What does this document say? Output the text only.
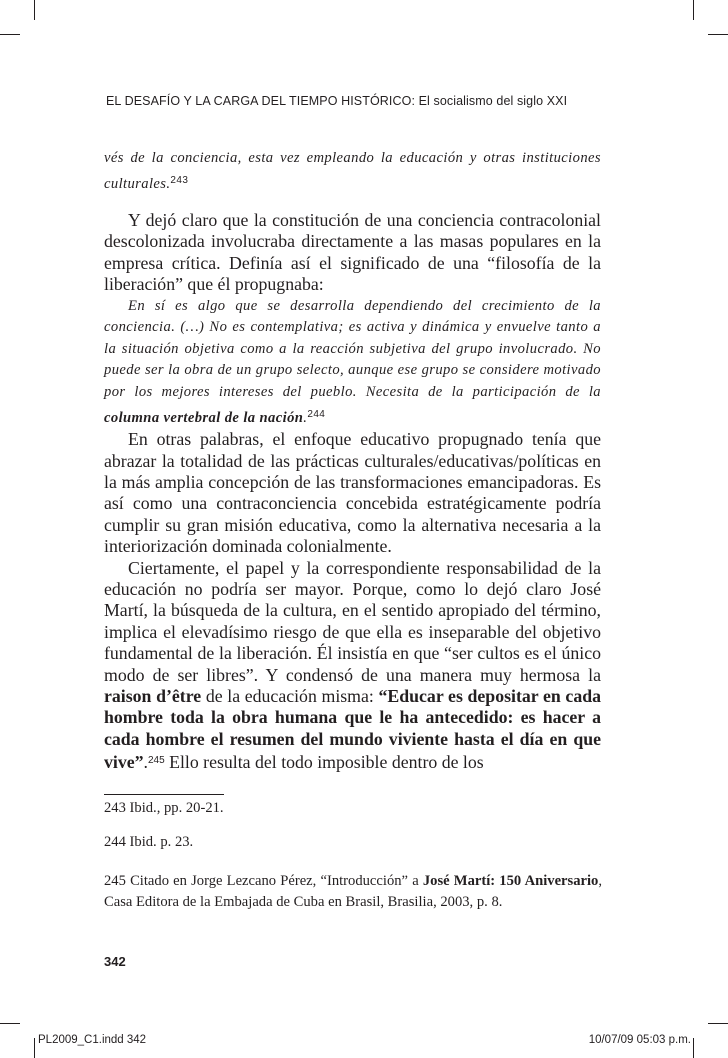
EL DESAFÍO Y LA CARGA DEL TIEMPO HISTÓRICO: El socialismo del siglo XXI

vés de la conciencia, esta vez empleando la educación y otras instituciones culturales.$^{243}$

Y dejó claro que la constitución de una conciencia contracolonial descolonizada involucraba directamente a las masas populares en la empresa crítica. Definía así el significado de una “filosofía de la liberación” que él propugnaba:

En sí es algo que se desarrolla dependiendo del crecimiento de la conciencia. (…) No es contemplativa; es activa y dinámica y envuelve tanto a la situación objetiva como a la reacción subjetiva del grupo involucrado. No puede ser la obra de un grupo selecto, aunque ese grupo se considere motivado por los mejores intereses del pueblo. Necesita de la participación de la columna vertebral de la nación.$^{244}$

En otras palabras, el enfoque educativo propugnado tenía que abrazar la totalidad de las prácticas culturales/educativas/políticas en la más amplia concepción de las transformaciones emancipadoras. Es así como una contraconciencia concebida estratégicamente podría cumplir su gran misión educativa, como la alternativa necesaria a la interiorización dominada colonialmente.

Ciertamente, el papel y la correspondiente responsabilidad de la educación no podría ser mayor. Porque, como lo dejó claro José Martí, la búsqueda de la cultura, en el sentido apropiado del término, implica el elevadísimo riesgo de que ella es inseparable del objetivo fundamental de la liberación. Él insistía en que “ser cultos es el único modo de ser libres”. Y condensó de una manera muy hermosa la raison d’être de la educación misma: “Educar es depositar en cada hombre toda la obra humana que le ha antecedido: es hacer a cada hombre el resumen del mundo viviente hasta el día en que vive”.$^{245}$ Ello resulta del todo imposible dentro de los

243 Ibid., pp. 20-21.
244 Ibid. p. 23.
245 Citado en Jorge Lezcano Pérez, “Introducción” a José Martí: 150 Aniversario, Casa Editora de la Embajada de Cuba en Brasil, Brasilia, 2003, p. 8.
342
PL2009_C1.indd 342	10/07/09 05:03 p.m.
